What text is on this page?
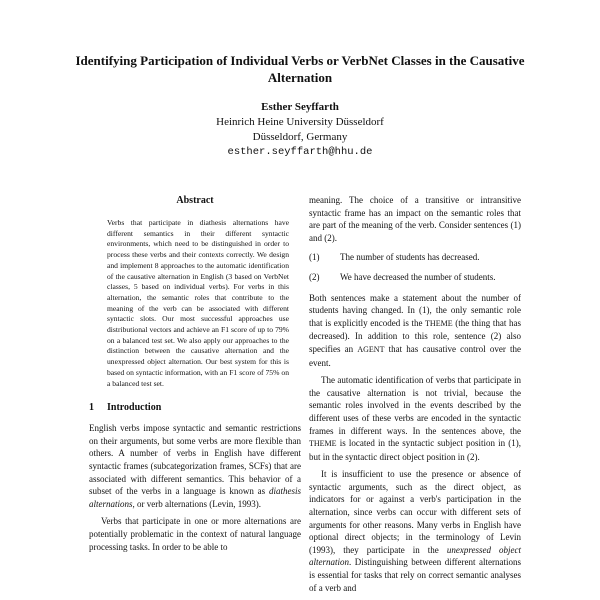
Identifying Participation of Individual Verbs or VerbNet Classes in the Causative Alternation
Esther Seyffarth
Heinrich Heine University Düsseldorf
Düsseldorf, Germany
esther.seyffarth@hhu.de
Abstract

Verbs that participate in diathesis alternations have different semantics in their different syntactic environments, which need to be distinguished in order to process these verbs and their contexts correctly. We design and implement 8 approaches to the automatic identification of the causative alternation in English (3 based on VerbNet classes, 5 based on individual verbs). For verbs in this alternation, the semantic roles that contribute to the meaning of the verb can be associated with different syntactic slots. Our most successful approaches use distributional vectors and achieve an F1 score of up to 79% on a balanced test set. We also apply our approaches to the distinction between the causative alternation and the unexpressed object alternation. Our best system for this is based on syntactic information, with an F1 score of 75% on a balanced test set.

1 Introduction

English verbs impose syntactic and semantic restrictions on their arguments, but some verbs are more flexible than others. A number of verbs in English have different syntactic frames (subcategorization frames, SCFs) that are associated with different semantics. This behavior of a subset of the verbs in a language is known as diathesis alternations, or verb alternations (Levin, 1993).

Verbs that participate in one or more alternations are potentially problematic in the context of natural language processing tasks. In order to be able to

meaning. The choice of a transitive or intransitive syntactic frame has an impact on the semantic roles that are part of the meaning of the verb. Consider sentences (1) and (2).

(1)	The number of students has decreased.
(2)	We have decreased the number of students.

Both sentences make a statement about the number of students having changed. In (1), the only semantic role that is explicitly encoded is the THEME (the thing that has decreased). In addition to this role, sentence (2) also specifies an AGENT that has causative control over the event.

The automatic identification of verbs that participate in the causative alternation is not trivial, because the semantic roles involved in the events described by the different uses of these verbs are encoded in the syntactic frames in different ways. In the sentences above, the THEME is located in the syntactic subject position in (1), but in the syntactic direct object position in (2).

It is insufficient to use the presence or absence of syntactic arguments, such as the direct object, as indicators for or against a verb's participation in the alternation, since verbs can occur with different sets of arguments for other reasons. Many verbs in English have optional direct objects; in the terminology of Levin (1993), they participate in the unexpressed object alternation. Distinguishing between different alternations is essential for tasks that rely on correct semantic analyses of a verb and
